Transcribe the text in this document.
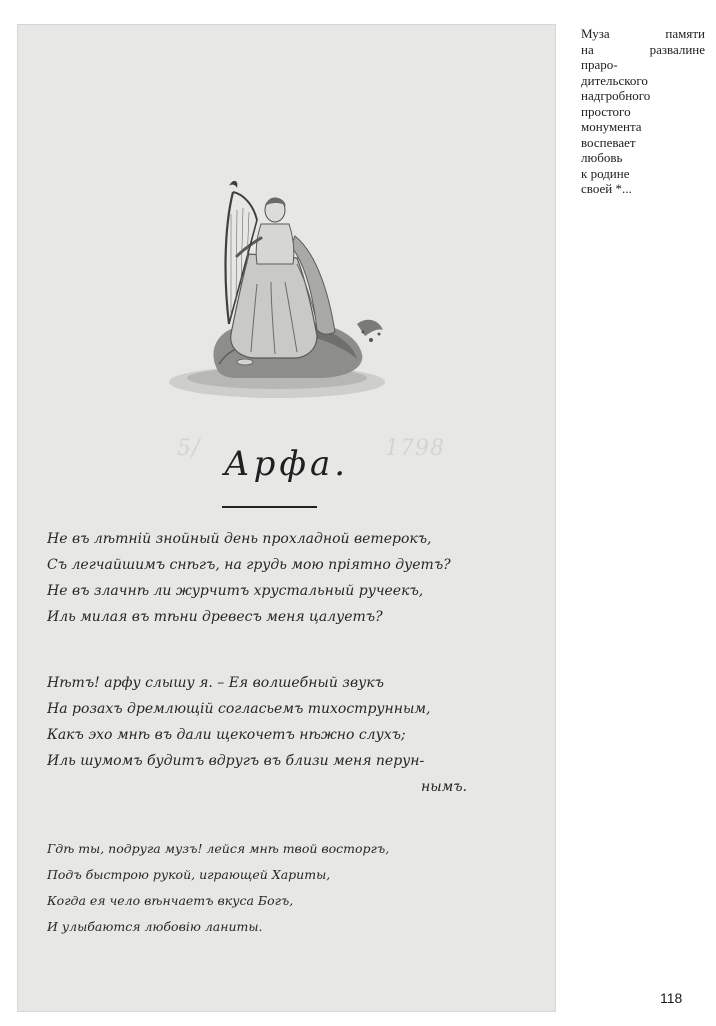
5/	1798
Арфа.
Не въ лѣтній знойный день прохладной ветерокъ,
Съ легчайшимъ снѣгъ, на грудь мою пріятно дуетъ?
Не въ злачнѣ ли журчитъ хрустальный ручеекъ,
Иль милая въ тѣни древесъ меня цалуетъ?
Нѣтъ! арфу слышу я. – Ея волшебный звукъ
На розахъ дремлющій согласьемъ тихострунным,
Какъ эхо мнѣ въ дали щекочетъ нѣжно слухъ;
Иль шумомъ будитъ вдругъ въ близи меня перун-
нымъ.
Гдѣ ты, подруга музъ! лейся мнѣ твой восторгъ,
Подъ быстрою рукой, играющей Хариты,
Когда ея чело вѣнчаетъ вкуса Богъ,
И улыбаются любовію ланиты.
Муза памяти
на развалине
праро-
дительского
надгробного
простого
монумента
воспевает
любовь
к родине
своей *...
118
